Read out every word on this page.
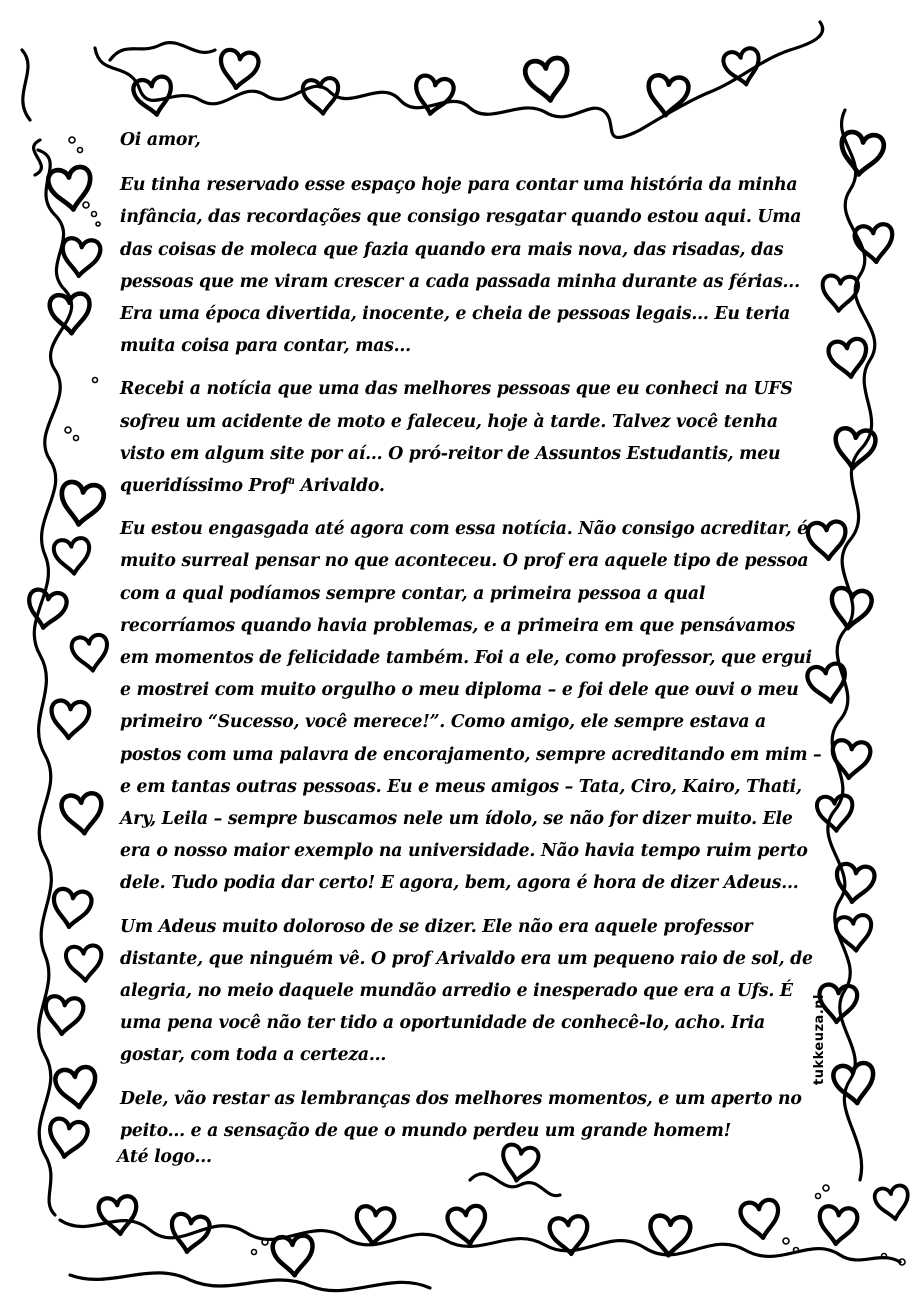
Oi amor,

Eu tinha reservado esse espaço hoje para contar uma história da minha infância, das recordações que consigo resgatar quando estou aqui. Uma das coisas de moleca que fazia quando era mais nova, das risadas, das pessoas que me viram crescer a cada passada minha durante as férias... Era uma época divertida, inocente, e cheia de pessoas legais... Eu teria muita coisa para contar, mas...

Recebi a notícia que uma das melhores pessoas que eu conheci na UFS sofreu um acidente de moto e faleceu, hoje à tarde. Talvez você tenha visto em algum site por aí... O pró-reitor de Assuntos Estudantis, meu queridíssimo Prof$^a$ Arivaldo.

Eu estou engasgada até agora com essa notícia. Não consigo acreditar, é muito surreal pensar no que aconteceu. O prof era aquele tipo de pessoa com a qual podíamos sempre contar, a primeira pessoa a qual recorríamos quando havia problemas, e a primeira em que pensávamos em momentos de felicidade também. Foi a ele, como professor, que ergui e mostrei com muito orgulho o meu diploma – e foi dele que ouvi o meu primeiro “Sucesso, você merece!”. Como amigo, ele sempre estava a postos com uma palavra de encorajamento, sempre acreditando em mim – e em tantas outras pessoas. Eu e meus amigos – Tata, Ciro, Kairo, Thati, Ary, Leila – sempre buscamos nele um ídolo, se não for dizer muito. Ele era o nosso maior exemplo na universidade. Não havia tempo ruim perto dele. Tudo podia dar certo! E agora, bem, agora é hora de dizer Adeus...

Um Adeus muito doloroso de se dizer. Ele não era aquele professor distante, que ninguém vê. O prof Arivaldo era um pequeno raio de sol, de alegria, no meio daquele mundão arredio e inesperado que era a Ufs. É uma pena você não ter tido a oportunidade de conhecê-lo, acho. Iria gostar, com toda a certeza...

Dele, vão restar as lembranças dos melhores momentos, e um aperto no peito... e a sensação de que o mundo perdeu um grande homem!

Até logo...

tukkeuza.nl
